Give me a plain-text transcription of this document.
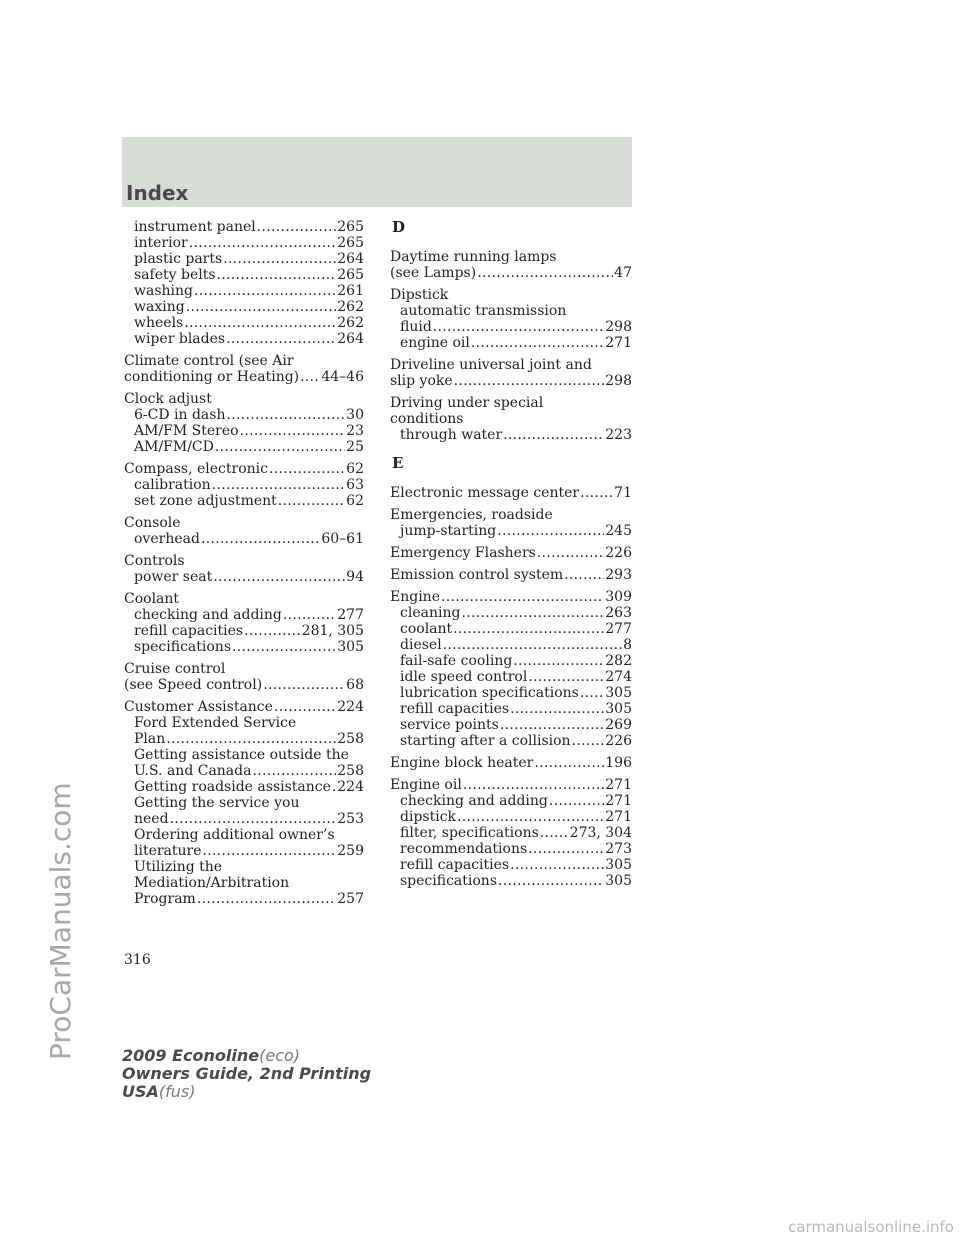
Index
ProCarManuals.com
instrument panel .....	265
interior .....	265
plastic parts .....	264
safety belts .....	265
washing .....	261
waxing .....	262
wheels .....	262
wiper blades .....	264
Climate control (see Air
conditioning or Heating) ..... 44–46
Clock adjust
6-CD in dash .....	30
AM/FM Stereo .....	23
AM/FM/CD .....	25
Compass, electronic .....	62
calibration .....	63
set zone adjustment .....	62
Console
overhead .....	60–61
Controls
power seat .....	94
Coolant
checking and adding .....	277
refill capacities .....	281, 305
specifications .....	305
Cruise control
(see Speed control) .....	68
Customer Assistance .....	224
Ford Extended Service
Plan .....	258
Getting assistance outside the
U.S. and Canada .....	258
Getting roadside assistance ..... 224
Getting the service you
need .....	253
Ordering additional owner’s
literature .....	259
Utilizing the
Mediation/Arbitration
Program .....	257
D
Daytime running lamps
(see Lamps) .....	47
Dipstick
automatic transmission
fluid .....	298
engine oil .....	271
Driveline universal joint and
slip yoke .....	298
Driving under special
conditions
through water .....	223
E
Electronic message center .....	71
Emergencies, roadside
jump-starting .....	245
Emergency Flashers .....	226
Emission control system .....	293
Engine .....	309
cleaning .....	263
coolant .....	277
diesel .....	8
fail-safe cooling .....	282
idle speed control .....	274
lubrication specifications ..... 305
refill capacities .....	305
service points .....	269
starting after a collision ..... 226
Engine block heater .....	196
Engine oil .....	271
checking and adding .....	271
dipstick .....	271
filter, specifications ..... 273, 304
recommendations .....	273
refill capacities .....	305
specifications .....	305
316
2009 Econoline(eco)
Owners Guide, 2nd Printing
USA(fus)
carmanualsonline.info
